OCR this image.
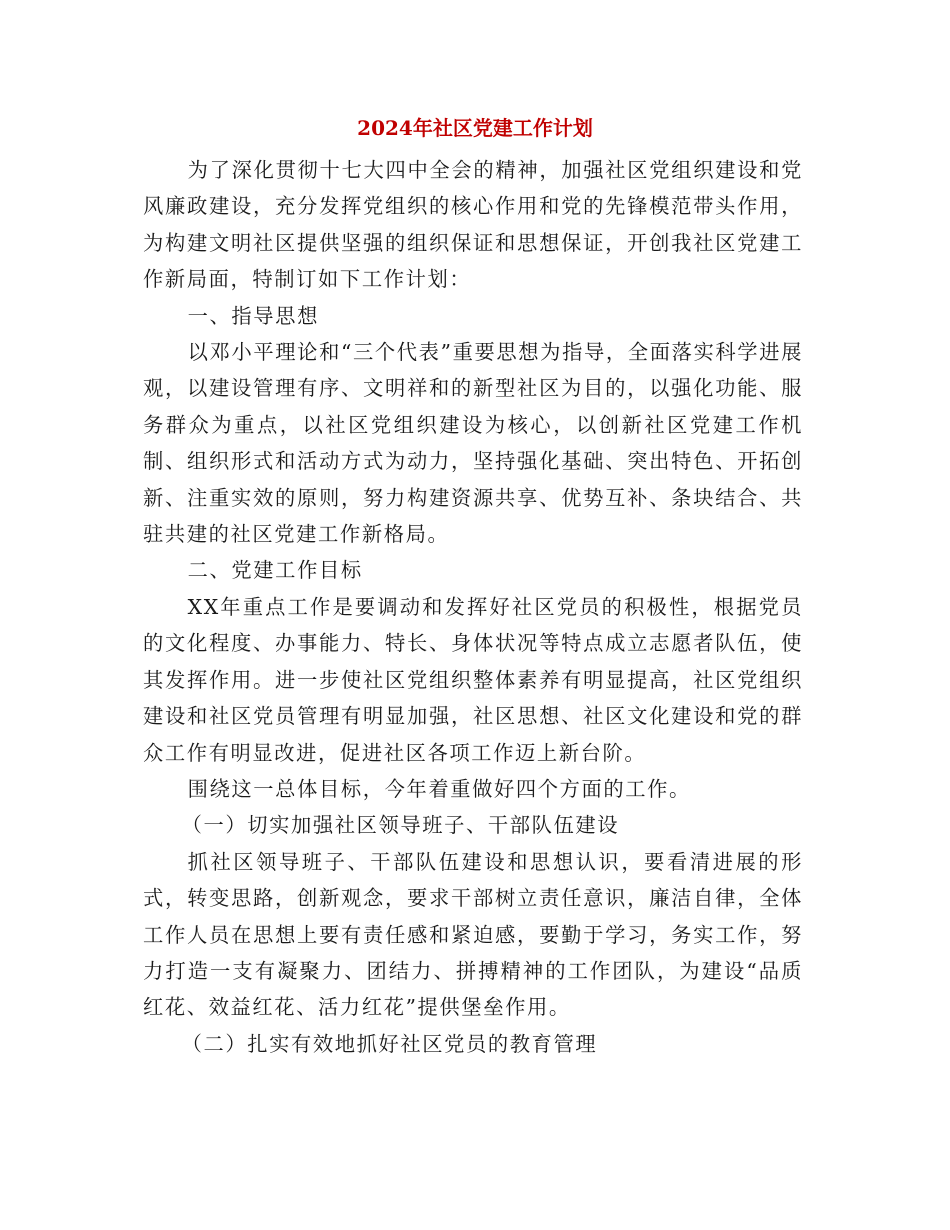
2024年社区党建工作计划

为了深化贯彻十七大四中全会的精神，加强社区党组织建设和党风廉政建设，充分发挥党组织的核心作用和党的先锋模范带头作用，为构建文明社区提供坚强的组织保证和思想保证，开创我社区党建工作新局面，特制订如下工作计划：

一、指导思想

以邓小平理论和“三个代表”重要思想为指导，全面落实科学进展观，以建设管理有序、文明祥和的新型社区为目的，以强化功能、服务群众为重点，以社区党组织建设为核心，以创新社区党建工作机制、组织形式和活动方式为动力，坚持强化基础、突出特色、开拓创新、注重实效的原则，努力构建资源共享、优势互补、条块结合、共驻共建的社区党建工作新格局。

二、党建工作目标

XX年重点工作是要调动和发挥好社区党员的积极性，根据党员的文化程度、办事能力、特长、身体状况等特点成立志愿者队伍，使其发挥作用。进一步使社区党组织整体素养有明显提高，社区党组织建设和社区党员管理有明显加强，社区思想、社区文化建设和党的群众工作有明显改进，促进社区各项工作迈上新台阶。

围绕这一总体目标，今年着重做好四个方面的工作。

（一）切实加强社区领导班子、干部队伍建设

抓社区领导班子、干部队伍建设和思想认识，要看清进展的形式，转变思路，创新观念，要求干部树立责任意识，廉洁自律，全体工作人员在思想上要有责任感和紧迫感，要勤于学习，务实工作，努力打造一支有凝聚力、团结力、拼搏精神的工作团队，为建设“品质红花、效益红花、活力红花”提供堡垒作用。

（二）扎实有效地抓好社区党员的教育管理
